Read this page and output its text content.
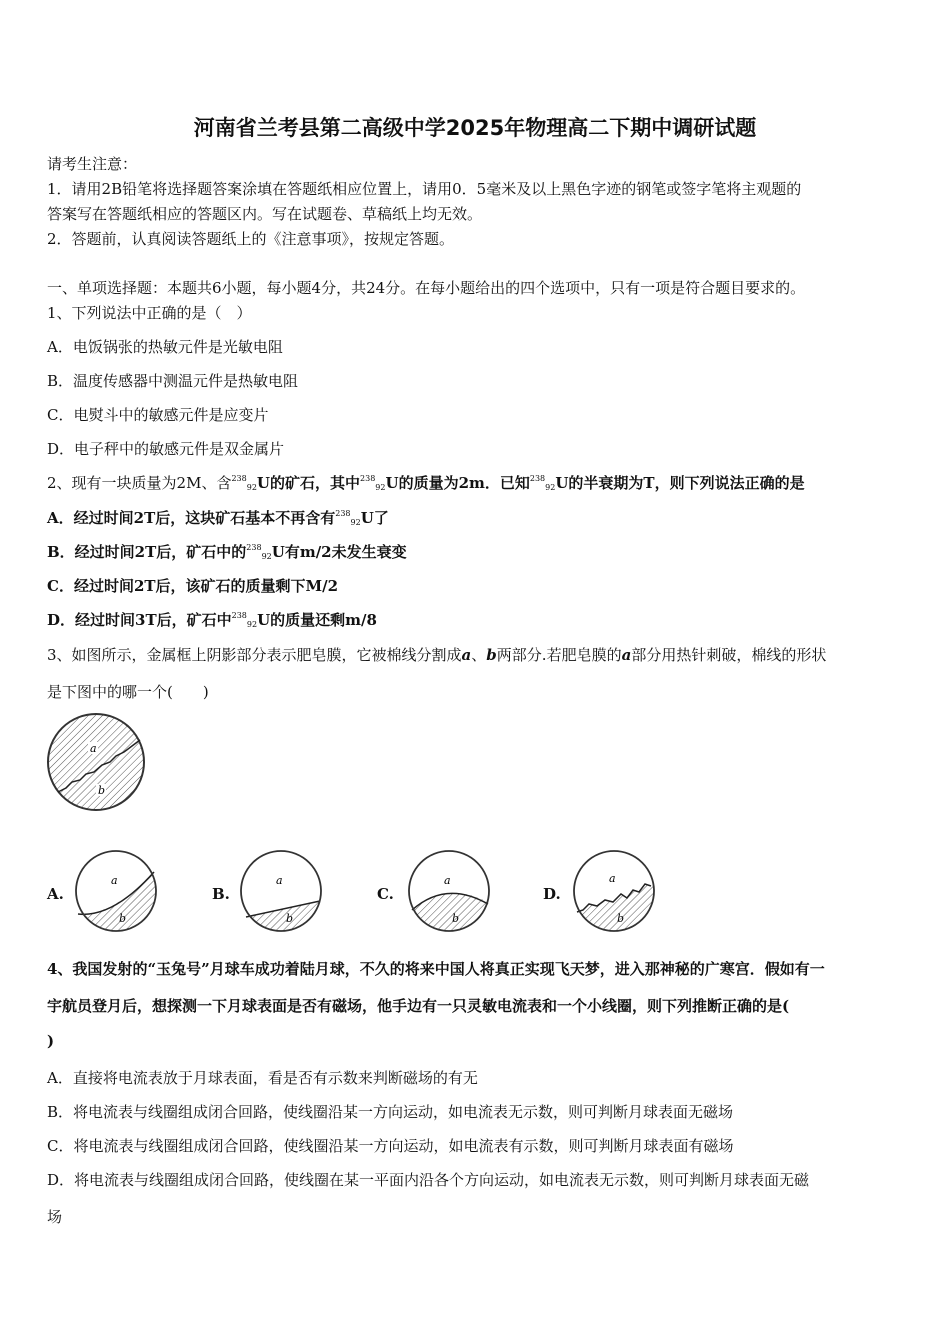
河南省兰考县第二高级中学2025年物理高二下期中调研试题
请考生注意：
1．请用2B铅笔将选择题答案涂填在答题纸相应位置上，请用0．5毫米及以上黑色字迹的钢笔或签字笔将主观题的
答案写在答题纸相应的答题区内。写在试题卷、草稿纸上均无效。
2．答题前，认真阅读答题纸上的《注意事项》，按规定答题。
一、单项选择题：本题共6小题，每小题4分，共24分。在每小题给出的四个选项中，只有一项是符合题目要求的。
1、下列说法中正确的是（　）
A．电饭锅张的热敏元件是光敏电阻
B．温度传感器中测温元件是热敏电阻
C．电熨斗中的敏感元件是应变片
D．电子秤中的敏感元件是双金属片
2、现有一块质量为2M、含$^{238}_{92}$U的矿石，其中$^{238}_{92}$U的质量为2m．已知$^{238}_{92}$U的半衰期为T，则下列说法正确的是
A．经过时间2T后，这块矿石基本不再含有$^{238}_{92}$U了
B．经过时间2T后，矿石中的$^{238}_{92}$U有m/2未发生衰变
C．经过时间2T后，该矿石的质量剩下M/2
D．经过时间3T后，矿石中$^{238}_{92}$U的质量还剩m/8
3、如图所示，金属框上阴影部分表示肥皂膜，它被棉线分割成a、b两部分.若肥皂膜的a部分用热针刺破，棉线的形状
是下图中的哪一个(　　)
a
b
A.
a
b
B.
a
b
C.
a
b
D.
a
b
4、我国发射的“玉兔号”月球车成功着陆月球，不久的将来中国人将真正实现飞天梦，进入那神秘的广寒宫．假如有一
宇航员登月后，想探测一下月球表面是否有磁场，他手边有一只灵敏电流表和一个小线圈，则下列推断正确的是(
)
A．直接将电流表放于月球表面，看是否有示数来判断磁场的有无
B．将电流表与线圈组成闭合回路，使线圈沿某一方向运动，如电流表无示数，则可判断月球表面无磁场
C．将电流表与线圈组成闭合回路，使线圈沿某一方向运动，如电流表有示数，则可判断月球表面有磁场
D．将电流表与线圈组成闭合回路，使线圈在某一平面内沿各个方向运动，如电流表无示数，则可判断月球表面无磁
场
